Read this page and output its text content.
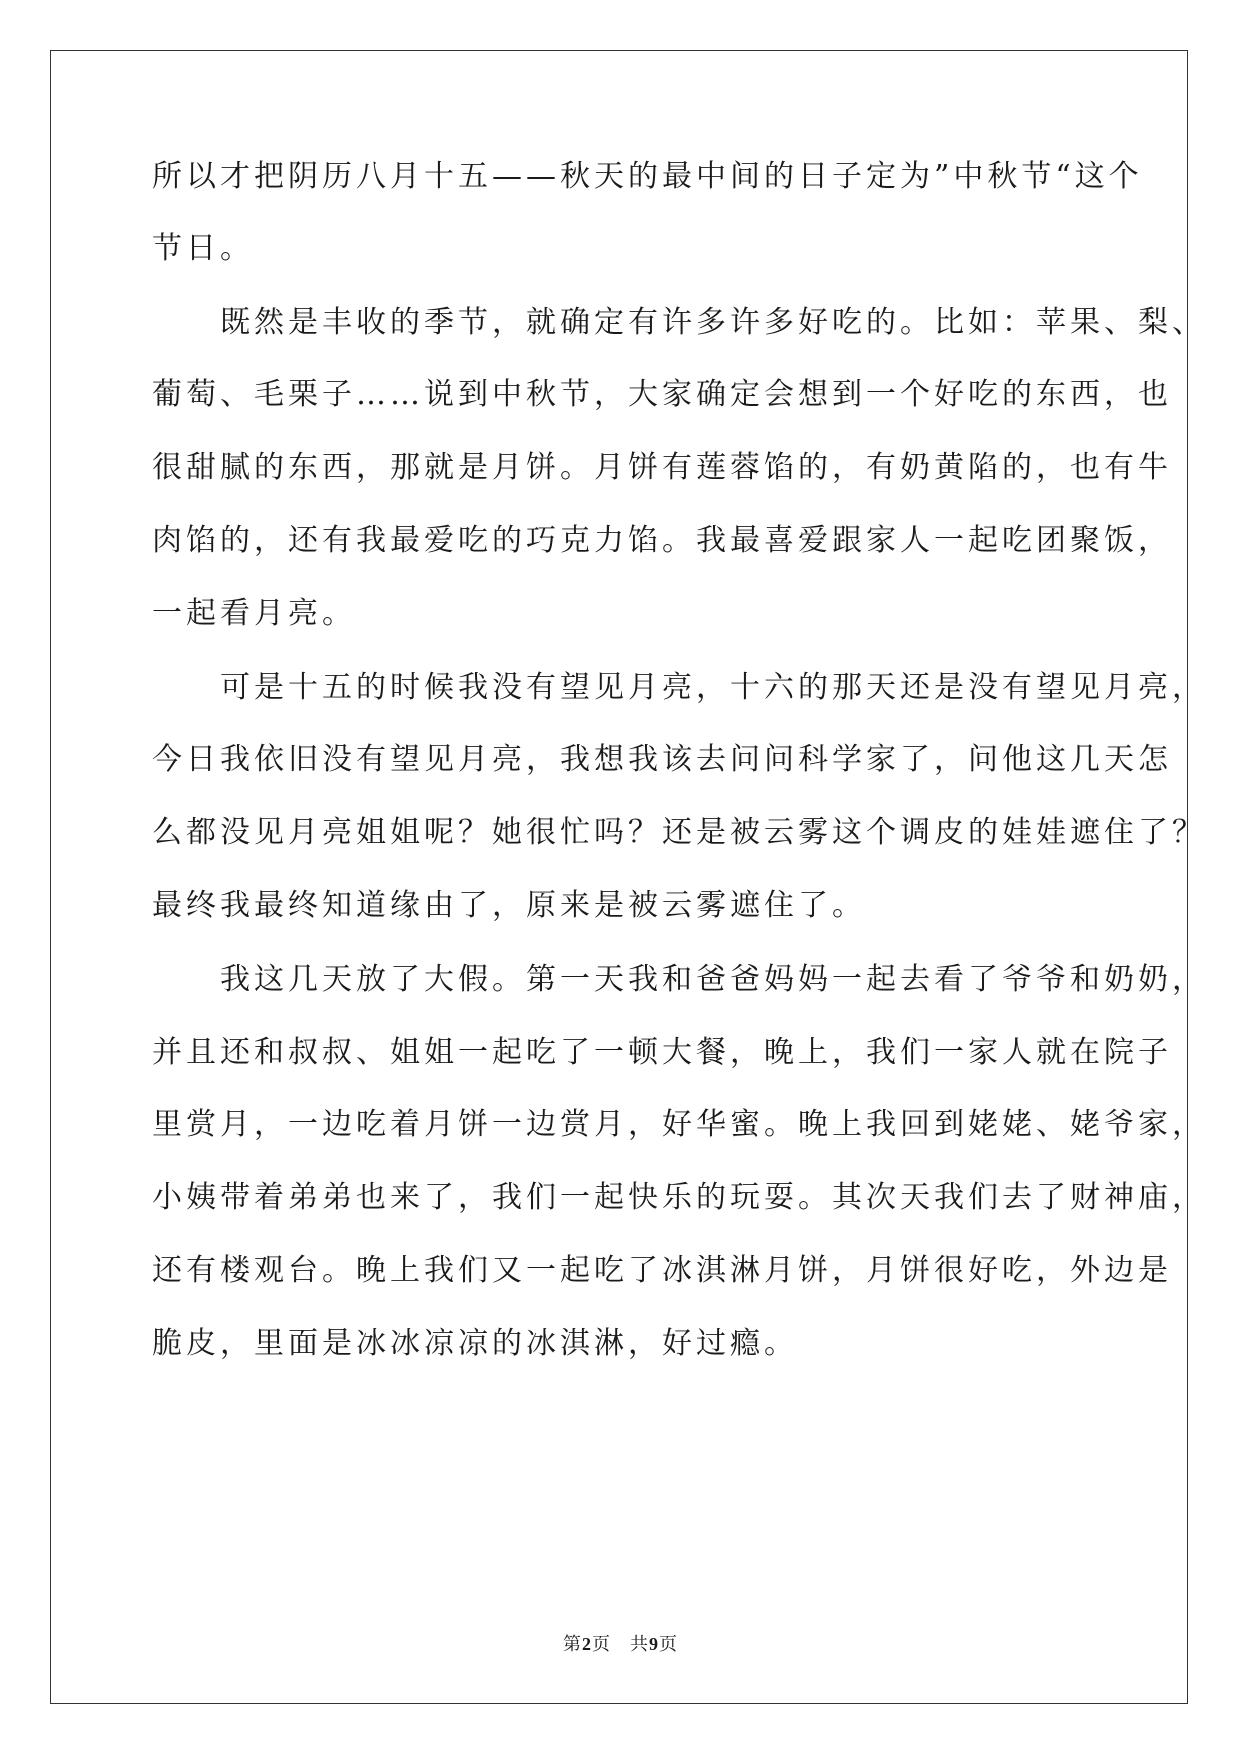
所以才把阴历八月十五——秋天的最中间的日子定为”中秋节“这个
节日。
　　既然是丰收的季节，就确定有许多许多好吃的。比如：苹果、梨、
葡萄、毛栗子……说到中秋节，大家确定会想到一个好吃的东西，也
很甜腻的东西，那就是月饼。月饼有莲蓉馅的，有奶黄陷的，也有牛
肉馅的，还有我最爱吃的巧克力馅。我最喜爱跟家人一起吃团聚饭，
一起看月亮。
　　可是十五的时候我没有望见月亮，十六的那天还是没有望见月亮，
今日我依旧没有望见月亮，我想我该去问问科学家了，问他这几天怎
么都没见月亮姐姐呢？她很忙吗？还是被云雾这个调皮的娃娃遮住了？
最终我最终知道缘由了，原来是被云雾遮住了。
　　我这几天放了大假。第一天我和爸爸妈妈一起去看了爷爷和奶奶，
并且还和叔叔、姐姐一起吃了一顿大餐，晚上，我们一家人就在院子
里赏月，一边吃着月饼一边赏月，好华蜜。晚上我回到姥姥、姥爷家，
小姨带着弟弟也来了，我们一起快乐的玩耍。其次天我们去了财神庙，
还有楼观台。晚上我们又一起吃了冰淇淋月饼，月饼很好吃，外边是
脆皮，里面是冰冰凉凉的冰淇淋，好过瘾。
第2页　共9页
